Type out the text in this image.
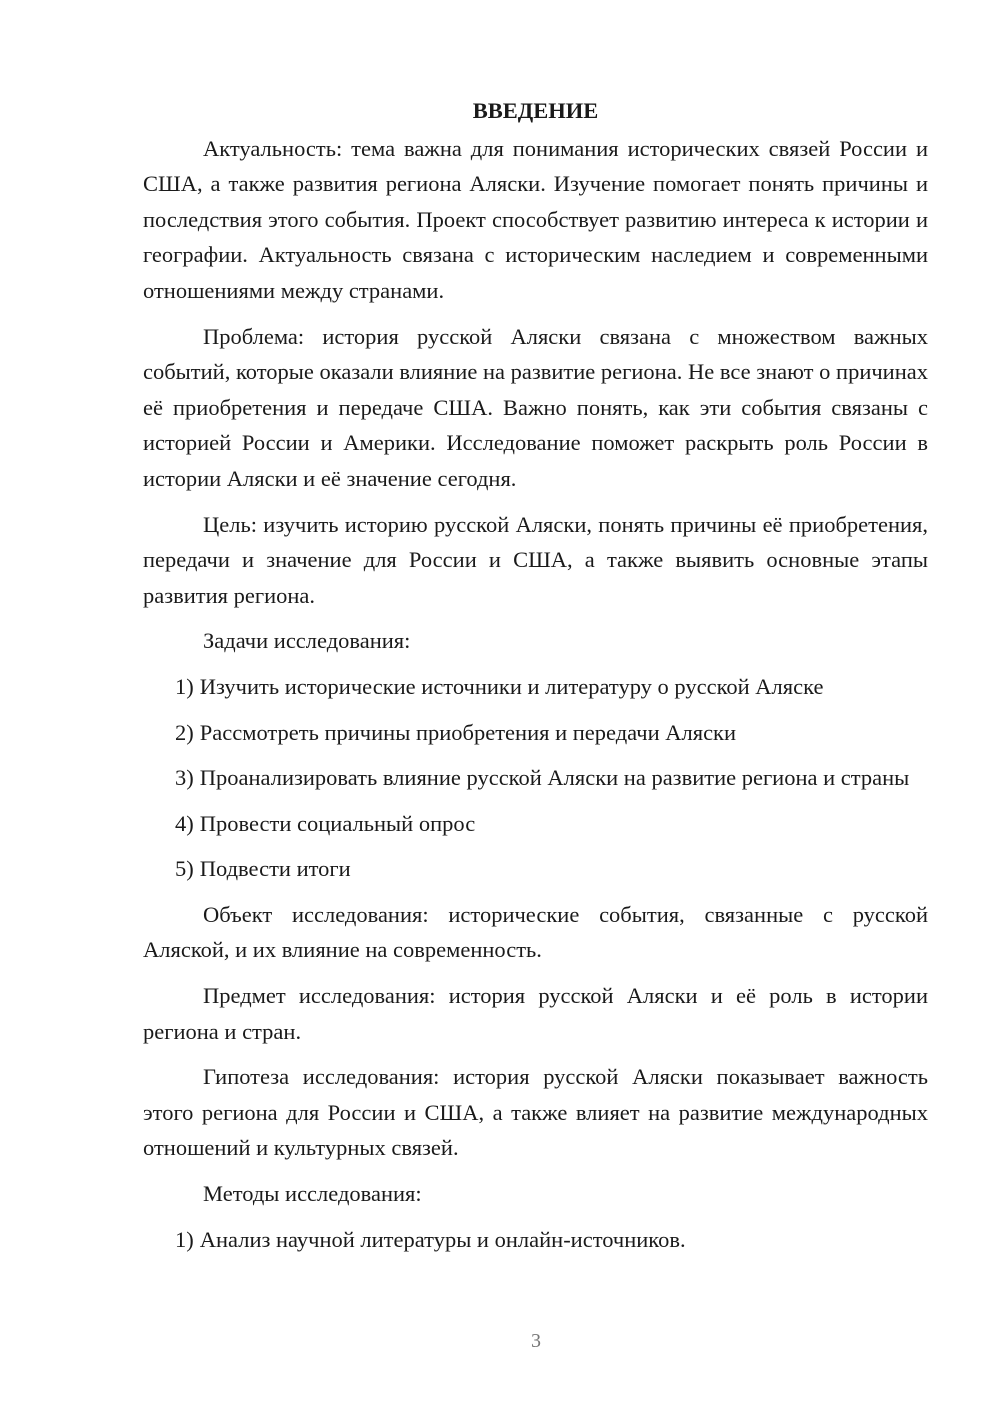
ВВЕДЕНИЕ

Актуальность: тема важна для понимания исторических связей России и США, а также развития региона Аляски. Изучение помогает понять причины и последствия этого события. Проект способствует развитию интереса к истории и географии. Актуальность связана с историческим наследием и современными отношениями между странами.

Проблема: история русской Аляски связана с множеством важных событий, которые оказали влияние на развитие региона. Не все знают о причинах её приобретения и передаче США. Важно понять, как эти события связаны с историей России и Америки. Исследование поможет раскрыть роль России в истории Аляски и её значение сегодня.

Цель: изучить историю русской Аляски, понять причины её приобретения, передачи и значение для России и США, а также выявить основные этапы развития региона.

Задачи исследования:

1) Изучить исторические источники и литературу о русской Аляске

2) Рассмотреть причины приобретения и передачи Аляски

3) Проанализировать влияние русской Аляски на развитие региона и страны

4) Провести социальный опрос

5) Подвести итоги

Объект исследования: исторические события, связанные с русской Аляской, и их влияние на современность.

Предмет исследования: история русской Аляски и её роль в истории региона и стран.

Гипотеза исследования: история русской Аляски показывает важность этого региона для России и США, а также влияет на развитие международных отношений и культурных связей.

Методы исследования:

1) Анализ научной литературы и онлайн-источников.

3
